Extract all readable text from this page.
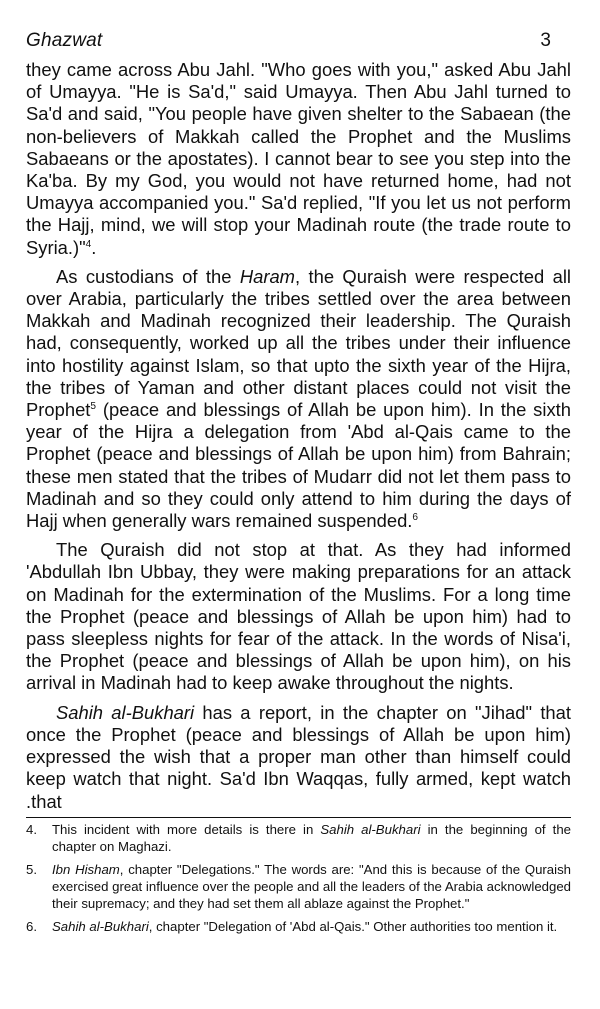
Ghazwat	3

they came across Abu Jahl. "Who goes with you," asked Abu Jahl of Umayya. "He is Sa'd," said Umayya. Then Abu Jahl turned to Sa'd and said, "You people have given shelter to the Sabaean (the non-believers of Makkah called the Prophet and the Muslims Sabaeans or the apostates). I cannot bear to see you step into the Ka'ba. By my God, you would not have returned home, had not Umayya accompanied you." Sa'd replied, "If you let us not perform the Hajj, mind, we will stop your Madinah route (the trade route to Syria.)"$^4$.

As custodians of the Haram, the Quraish were respected all over Arabia, particularly the tribes settled over the area between Makkah and Madinah recognized their leadership. The Quraish had, consequently, worked up all the tribes under their influence into hostility against Islam, so that upto the sixth year of the Hijra, the tribes of Yaman and other distant places could not visit the Prophet$^5$ (peace and blessings of Allah be upon him). In the sixth year of the Hijra a delegation from 'Abd al-Qais came to the Prophet (peace and blessings of Allah be upon him) from Bahrain; these men stated that the tribes of Mudarr did not let them pass to Madinah and so they could only attend to him during the days of Hajj when generally wars remained suspended.$^6$

The Quraish did not stop at that. As they had informed 'Abdullah Ibn Ubbay, they were making preparations for an attack on Madinah for the extermination of the Muslims. For a long time the Prophet (peace and blessings of Allah be upon him) had to pass sleepless nights for fear of the attack. In the words of Nisa'i, the Prophet (peace and blessings of Allah be upon him), on his arrival in Madinah had to keep awake throughout the nights.

Sahih al-Bukhari has a report, in the chapter on "Jihad" that once the Prophet (peace and blessings of Allah be upon him) expressed the wish that a proper man other than himself could keep watch that night. Sa'd Ibn Waqqas, fully armed, kept watch .that

4.	This incident with more details is there in Sahih al-Bukhari in the beginning of the chapter on Maghazi.
5.	Ibn Hisham, chapter "Delegations." The words are: "And this is because of the Quraish exercised great influence over the people and all the leaders of the Arabia acknowledged their supremacy; and they had set them all ablaze against the Prophet."
6.	Sahih al-Bukhari, chapter "Delegation of 'Abd al-Qais." Other authorities too mention it.
